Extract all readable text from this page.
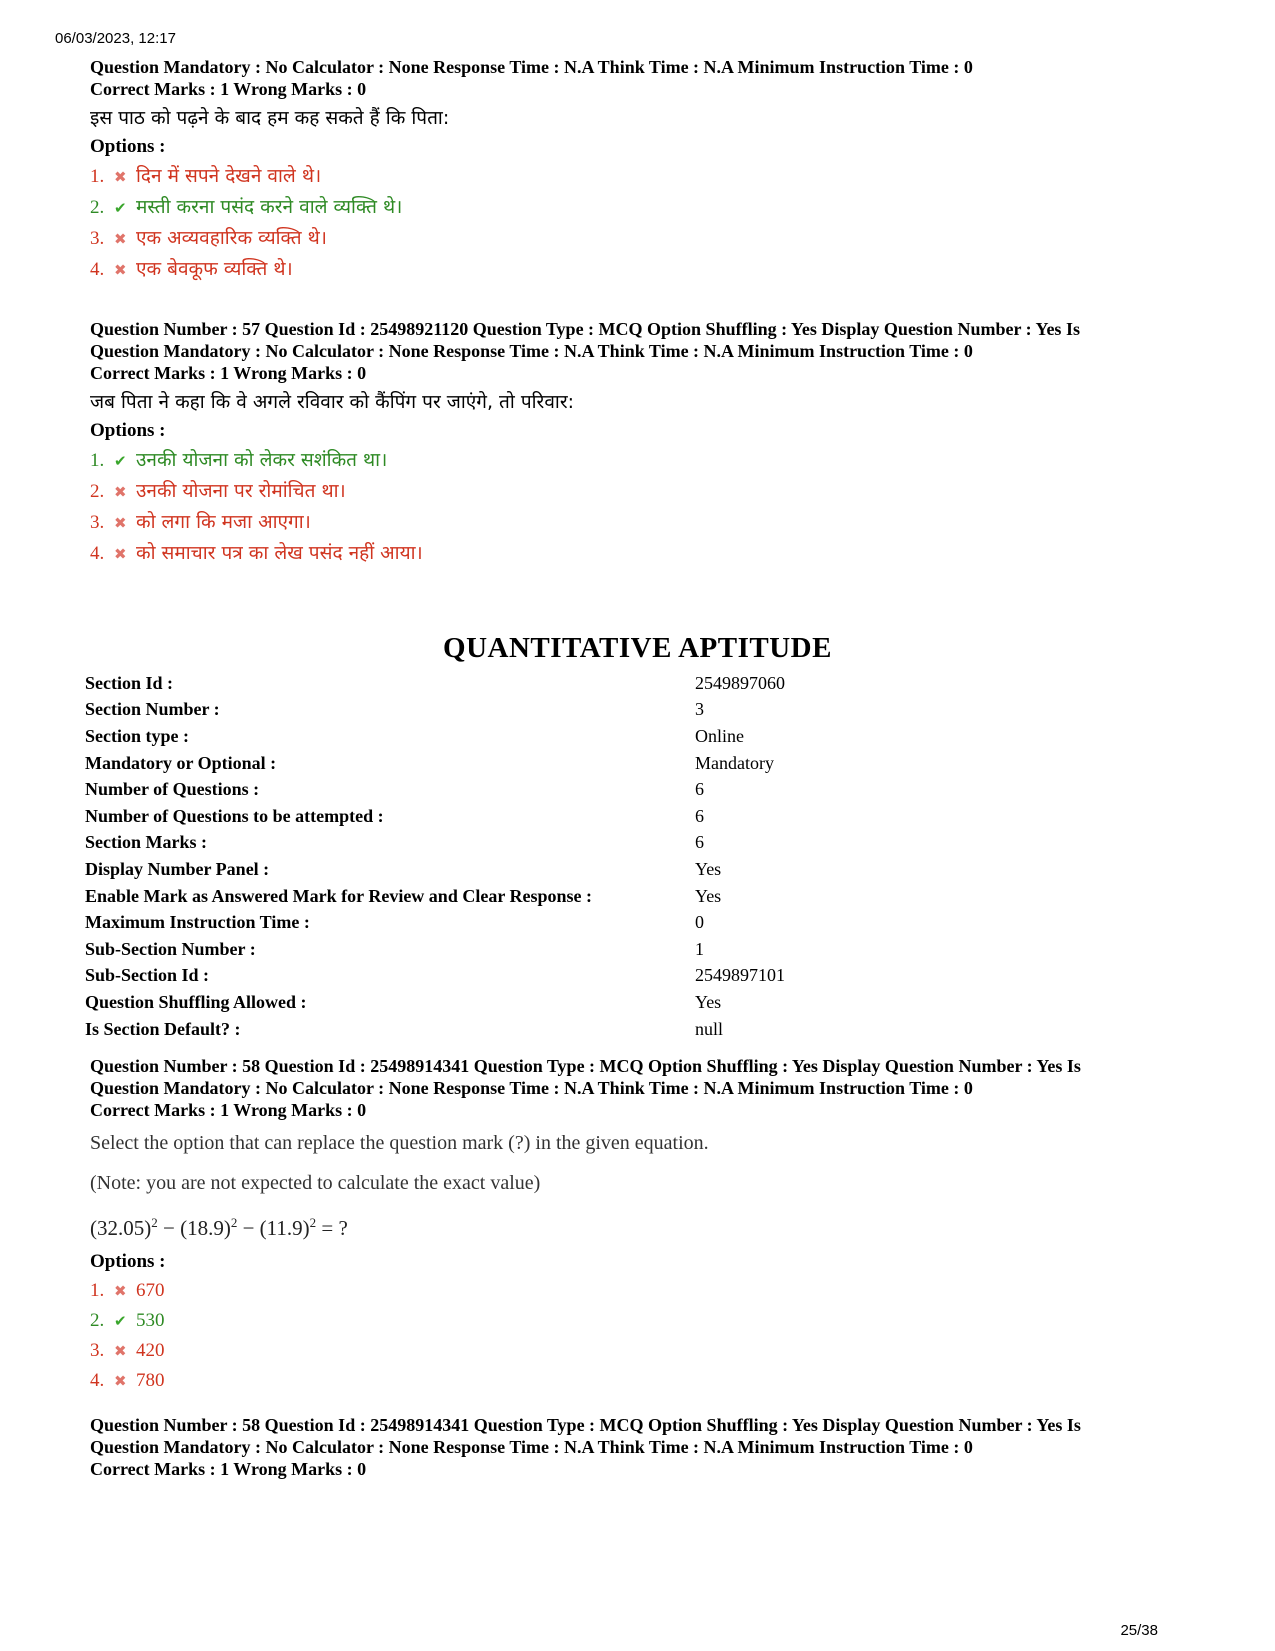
06/03/2023, 12:17
Question Mandatory : No Calculator : None Response Time : N.A Think Time : N.A Minimum Instruction Time : 0
Correct Marks : 1 Wrong Marks : 0
इस पाठ को पढ़ने के बाद हम कह सकते हैं कि पिता:
Options :
1. ✖ दिन में सपने देखने वाले थे।
2. ✔ मस्ती करना पसंद करने वाले व्यक्ति थे।
3. ✖ एक अव्यवहारिक व्यक्ति थे।
4. ✖ एक बेवकूफ व्यक्ति थे।
Question Number : 57 Question Id : 25498921120 Question Type : MCQ Option Shuffling : Yes Display Question Number : Yes Is
Question Mandatory : No Calculator : None Response Time : N.A Think Time : N.A Minimum Instruction Time : 0
Correct Marks : 1 Wrong Marks : 0
जब पिता ने कहा कि वे अगले रविवार को कैंपिंग पर जाएंगे, तो परिवार:
Options :
1. ✔ उनकी योजना को लेकर सशंकित था।
2. ✖ उनकी योजना पर रोमांचित था।
3. ✖ को लगा कि मजा आएगा।
4. ✖ को समाचार पत्र का लेख पसंद नहीं आया।
QUANTITATIVE APTITUDE
Section Id :	2549897060
Section Number :	3
Section type :	Online
Mandatory or Optional :	Mandatory
Number of Questions :	6
Number of Questions to be attempted :	6
Section Marks :	6
Display Number Panel :	Yes
Enable Mark as Answered Mark for Review and Clear Response :	Yes
Maximum Instruction Time :	0
Sub-Section Number :	1
Sub-Section Id :	2549897101
Question Shuffling Allowed :	Yes
Is Section Default? :	null
Question Number : 58 Question Id : 25498914341 Question Type : MCQ Option Shuffling : Yes Display Question Number : Yes Is
Question Mandatory : No Calculator : None Response Time : N.A Think Time : N.A Minimum Instruction Time : 0
Correct Marks : 1 Wrong Marks : 0
Select the option that can replace the question mark (?) in the given equation.
(Note: you are not expected to calculate the exact value)
$(32.05)^2 - (18.9)^2 - (11.9)^2$ = ?
Options :
1. ✖ 670
2. ✔ 530
3. ✖ 420
4. ✖ 780
Question Number : 58 Question Id : 25498914341 Question Type : MCQ Option Shuffling : Yes Display Question Number : Yes Is
Question Mandatory : No Calculator : None Response Time : N.A Think Time : N.A Minimum Instruction Time : 0
Correct Marks : 1 Wrong Marks : 0
25/38
